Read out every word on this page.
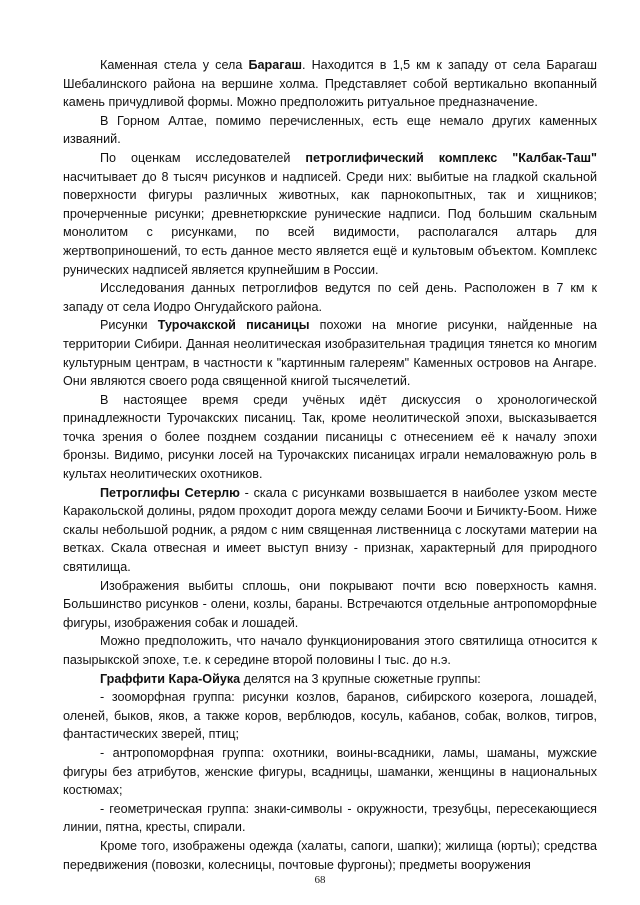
Каменная стела у села Барагаш. Находится в 1,5 км к западу от села Барагаш Шебалинского района на вершине холма. Представляет собой вертикально вкопанный камень причудливой формы. Можно предположить ритуальное предназначение.

В Горном Алтае, помимо перечисленных, есть еще немало других каменных изваяний.

По оценкам исследователей петроглифический комплекс "Калбак-Таш" насчитывает до 8 тысяч рисунков и надписей. Среди них: выбитые на гладкой скальной поверхности фигуры различных животных, как парнокопытных, так и хищников; прочерченные рисунки; древнетюркские рунические надписи. Под большим скальным монолитом с рисунками, по всей видимости, располагался алтарь для жертвоприношений, то есть данное место является ещё и культовым объектом. Комплекс рунических надписей является крупнейшим в России.

Исследования данных петроглифов ведутся по сей день. Расположен в 7 км к западу от села Иодро Онгудайского района.

Рисунки Турочакской писаницы похожи на многие рисунки, найденные на территории Сибири. Данная неолитическая изобразительная традиция тянется ко многим культурным центрам, в частности к "картинным галереям" Каменных островов на Ангаре. Они являются своего рода священной книгой тысячелетий.

В настоящее время среди учёных идёт дискуссия о хронологической принадлежности Турочакских писаниц. Так, кроме неолитической эпохи, высказывается точка зрения о более позднем создании писаницы с отнесением её к началу эпохи бронзы. Видимо, рисунки лосей на Турочакских писаницах играли немаловажную роль в культах неолитических охотников.

Петроглифы Сетерлю - скала с рисунками возвышается в наиболее узком месте Каракольской долины, рядом проходит дорога между селами Боочи и Бичикту-Боом. Ниже скалы небольшой родник, а рядом с ним священная лиственница с лоскутами материи на ветках. Скала отвесная и имеет выступ внизу - признак, характерный для природного святилища.

Изображения выбиты сплошь, они покрывают почти всю поверхность камня. Большинство рисунков - олени, козлы, бараны. Встречаются отдельные антропоморфные фигуры, изображения собак и лошадей.

Можно предположить, что начало функционирования этого святилища относится к пазырыкской эпохе, т.е. к середине второй половины I тыс. до н.э.

Граффити Кара-Ойука делятся на 3 крупные сюжетные группы:

- зооморфная группа: рисунки козлов, баранов, сибирского козерога, лошадей, оленей, быков, яков, а также коров, верблюдов, косуль, кабанов, собак, волков, тигров, фантастических зверей, птиц;

- антропоморфная группа: охотники, воины-всадники, ламы, шаманы, мужские фигуры без атрибутов, женские фигуры, всадницы, шаманки, женщины в национальных костюмах;

- геометрическая группа: знаки-символы - окружности, трезубцы, пересекающиеся линии, пятна, кресты, спирали.

Кроме того, изображены одежда (халаты, сапоги, шапки); жилища (юрты); средства передвижения (повозки, колесницы, почтовые фургоны); предметы вооружения

68
